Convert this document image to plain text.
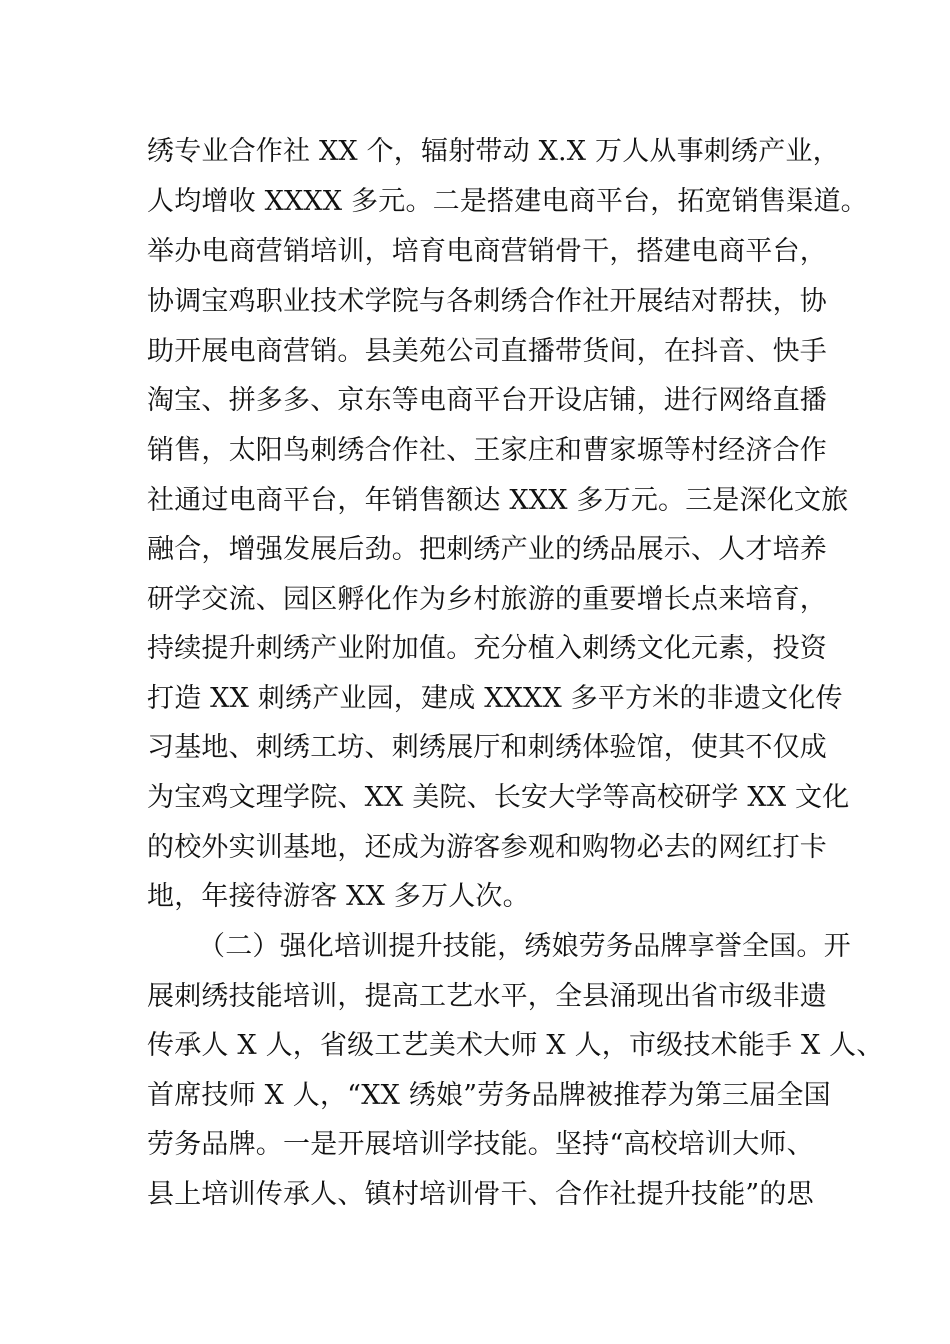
绣专业合作社 XX 个，辐射带动 X.X 万人从事刺绣产业，
人均增收 XXXX 多元。二是搭建电商平台，拓宽销售渠道。
举办电商营销培训，培育电商营销骨干，搭建电商平台，
协调宝鸡职业技术学院与各刺绣合作社开展结对帮扶，协
助开展电商营销。县美苑公司直播带货间，在抖音、快手
淘宝、拼多多、京东等电商平台开设店铺，进行网络直播
销售，太阳鸟刺绣合作社、王家庄和曹家塬等村经济合作
社通过电商平台，年销售额达 XXX 多万元。三是深化文旅
融合，增强发展后劲。把刺绣产业的绣品展示、人才培养
研学交流、园区孵化作为乡村旅游的重要增长点来培育，
持续提升刺绣产业附加值。充分植入刺绣文化元素，投资
打造 XX 刺绣产业园，建成 XXXX 多平方米的非遗文化传
习基地、刺绣工坊、刺绣展厅和刺绣体验馆，使其不仅成
为宝鸡文理学院、XX 美院、长安大学等高校研学 XX 文化
的校外实训基地，还成为游客参观和购物必去的网红打卡
地，年接待游客 XX 多万人次。
（二）强化培训提升技能，绣娘劳务品牌享誉全国。开
展刺绣技能培训，提高工艺水平，全县涌现出省市级非遗
传承人 X 人，省级工艺美术大师 X 人，市级技术能手 X 人、
首席技师 X 人，“XX 绣娘”劳务品牌被推荐为第三届全国
劳务品牌。一是开展培训学技能。坚持“高校培训大师、
县上培训传承人、镇村培训骨干、合作社提升技能”的思
